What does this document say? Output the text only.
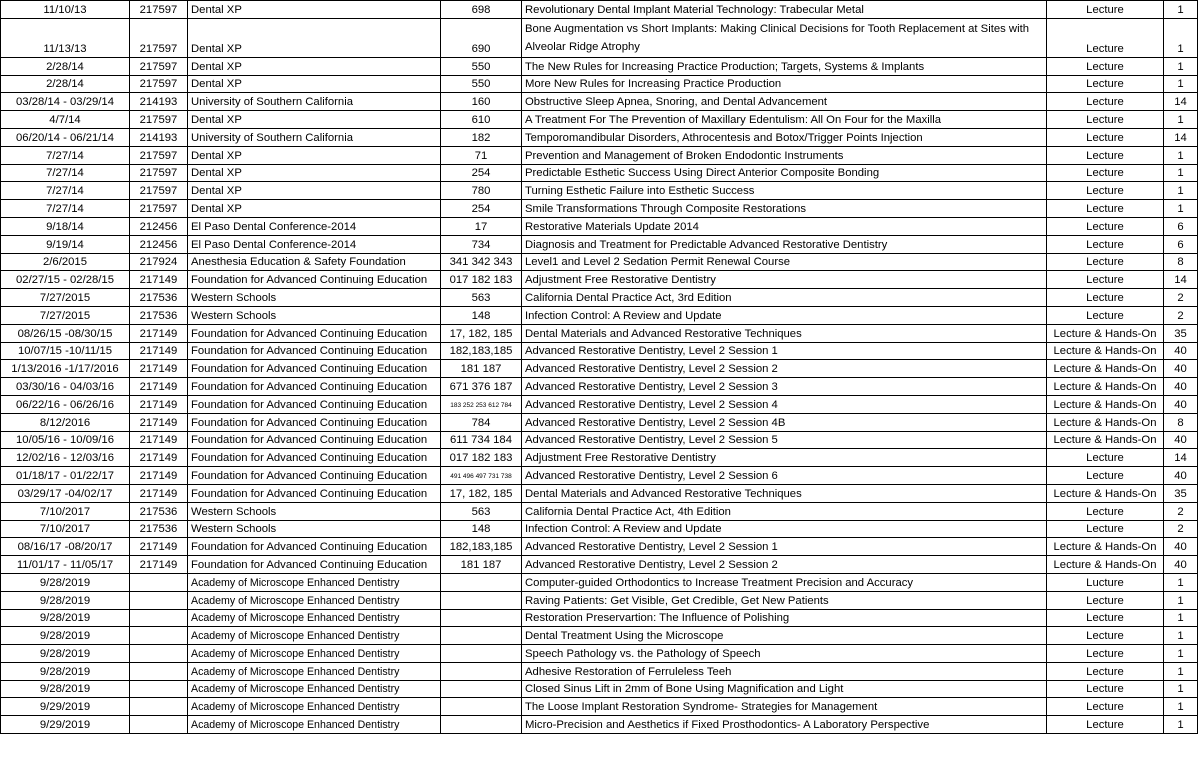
11/10/13	217597	Dental XP	698	Revolutionary Dental Implant Material Technology: Trabecular Metal	Lecture	1
11/13/13	217597	Dental XP	690	Bone Augmentation vs Short Implants: Making Clinical Decisions for Tooth Replacement at Sites with Alveolar Ridge Atrophy	Lecture	1
2/28/14	217597	Dental XP	550	The New Rules for Increasing Practice Production; Targets, Systems & Implants	Lecture	1
2/28/14	217597	Dental XP	550	More New Rules for Increasing Practice Production	Lecture	1
03/28/14 - 03/29/14	214193	University of Southern California	160	Obstructive Sleep Apnea, Snoring, and Dental Advancement	Lecture	14
4/7/14	217597	Dental XP	610	A Treatment For The Prevention of Maxillary Edentulism: All On Four for the Maxilla	Lecture	1
06/20/14 - 06/21/14	214193	University of Southern California	182	Temporomandibular Disorders, Athrocentesis and Botox/Trigger Points Injection	Lecture	14
7/27/14	217597	Dental XP	71	Prevention and Management of Broken Endodontic Instruments	Lecture	1
7/27/14	217597	Dental XP	254	Predictable Esthetic Success Using Direct Anterior Composite Bonding	Lecture	1
7/27/14	217597	Dental XP	780	Turning Esthetic Failure into Esthetic Success	Lecture	1
7/27/14	217597	Dental XP	254	Smile Transformations Through Composite Restorations	Lecture	1
9/18/14	212456	El Paso Dental Conference-2014	17	Restorative Materials Update 2014	Lecture	6
9/19/14	212456	El Paso Dental Conference-2014	734	Diagnosis and Treatment for Predictable Advanced Restorative Dentistry	Lecture	6
2/6/2015	217924	Anesthesia Education & Safety Foundation	341 342 343	Level1 and Level 2 Sedation Permit Renewal Course	Lecture	8
02/27/15 - 02/28/15	217149	Foundation for Advanced Continuing Education	017 182 183	Adjustment Free Restorative Dentistry	Lecture	14
7/27/2015	217536	Western Schools	563	California Dental Practice Act, 3rd Edition	Lecture	2
7/27/2015	217536	Western Schools	148	Infection Control: A Review and Update	Lecture	2
08/26/15 -08/30/15	217149	Foundation for Advanced Continuing Education	17, 182, 185	Dental Materials and Advanced Restorative Techniques	Lecture & Hands-On	35
10/07/15 -10/11/15	217149	Foundation for Advanced Continuing Education	182,183,185	Advanced Restorative Dentistry, Level 2 Session 1	Lecture & Hands-On	40
1/13/2016 -1/17/2016	217149	Foundation for Advanced Continuing Education	181 187	Advanced Restorative Dentistry, Level 2 Session 2	Lecture & Hands-On	40
03/30/16 - 04/03/16	217149	Foundation for Advanced Continuing Education	671 376 187	Advanced Restorative Dentistry, Level 2 Session 3	Lecture & Hands-On	40
06/22/16 - 06/26/16	217149	Foundation for Advanced Continuing Education	183 252 253 612 784	Advanced Restorative Dentistry, Level 2 Session 4	Lecture & Hands-On	40
8/12/2016	217149	Foundation for Advanced Continuing Education	784	Advanced Restorative Dentistry, Level 2 Session 4B	Lecture & Hands-On	8
10/05/16 - 10/09/16	217149	Foundation for Advanced Continuing Education	611 734 184	Advanced Restorative Dentistry, Level 2 Session 5	Lecture & Hands-On	40
12/02/16 - 12/03/16	217149	Foundation for Advanced Continuing Education	017 182 183	Adjustment Free Restorative Dentistry	Lecture	14
01/18/17 - 01/22/17	217149	Foundation for Advanced Continuing Education	491 496 497 731 738	Advanced Restorative Dentistry, Level 2 Session 6	Lecture	40
03/29/17 -04/02/17	217149	Foundation for Advanced Continuing Education	17, 182, 185	Dental Materials and Advanced Restorative Techniques	Lecture & Hands-On	35
7/10/2017	217536	Western Schools	563	California Dental Practice Act, 4th Edition	Lecture	2
7/10/2017	217536	Western Schools	148	Infection Control: A Review and Update	Lecture	2
08/16/17 -08/20/17	217149	Foundation for Advanced Continuing Education	182,183,185	Advanced Restorative Dentistry, Level 2 Session 1	Lecture & Hands-On	40
11/01/17 - 11/05/17	217149	Foundation for Advanced Continuing Education	181 187	Advanced Restorative Dentistry, Level 2 Session 2	Lecture & Hands-On	40
9/28/2019		Academy of Microscope Enhanced Dentistry		Computer-guided Orthodontics to Increase Treatment Precision and Accuracy	Lucture	1
9/28/2019		Academy of Microscope Enhanced Dentistry		Raving Patients: Get Visible, Get Credible, Get New Patients	Lecture	1
9/28/2019		Academy of Microscope Enhanced Dentistry		Restoration Preservartion: The Influence of Polishing	Lecture	1
9/28/2019		Academy of Microscope Enhanced Dentistry		Dental Treatment Using the Microscope	Lecture	1
9/28/2019		Academy of Microscope Enhanced Dentistry		Speech Pathology vs. the Pathology of Speech	Lecture	1
9/28/2019		Academy of Microscope Enhanced Dentistry		Adhesive Restoration of Ferruleless Teeh	Lecture	1
9/28/2019		Academy of Microscope Enhanced Dentistry		Closed Sinus Lift in 2mm of Bone Using Magnification and Light	Lecture	1
9/29/2019		Academy of Microscope Enhanced Dentistry		The Loose Implant Restoration Syndrome- Strategies for Management	Lecture	1
9/29/2019		Academy of Microscope Enhanced Dentistry		Micro-Precision and Aesthetics if Fixed Prosthodontics- A Laboratory Perspective	Lecture	1
